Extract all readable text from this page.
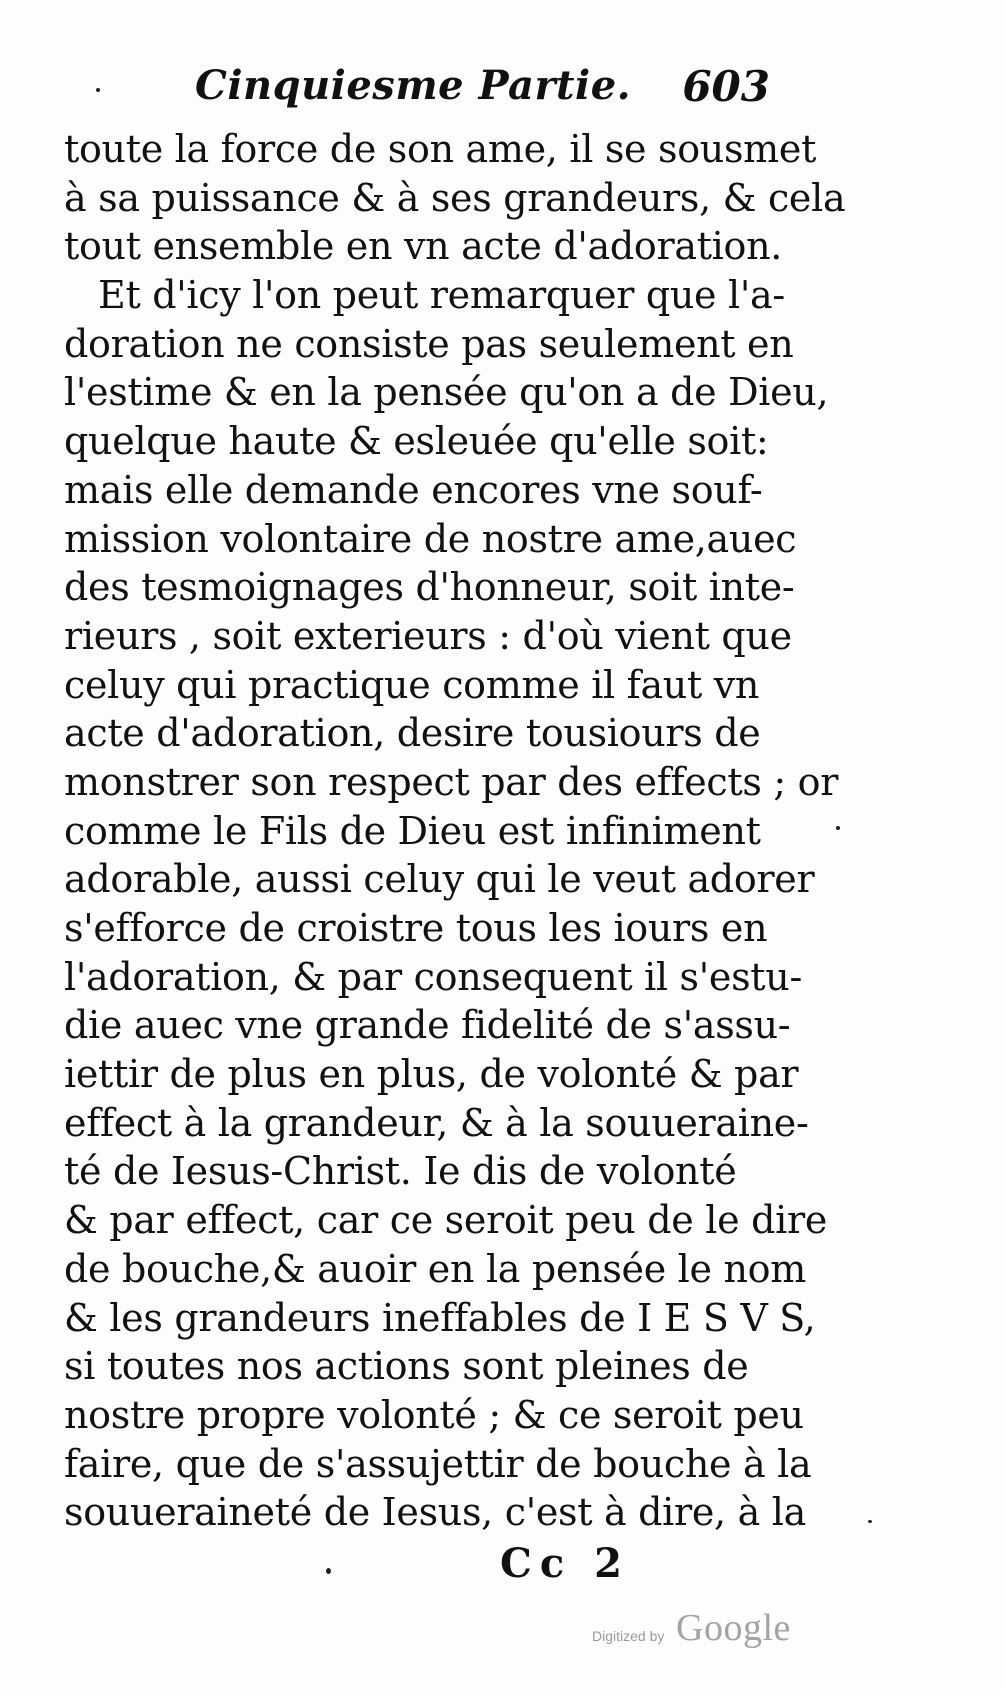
Cinquiesme Partie. 603
toute la force de son ame, il se sousmet
à sa puissance & à ses grandeurs, & cela
tout ensemble en vn acte d'adoration.
Et d'icy l'on peut remarquer que l'a-
doration ne consiste pas seulement en
l'estime & en la pensée qu'on a de Dieu,
quelque haute & esleuée qu'elle soit:
mais elle demande encores vne souf-
mission volontaire de nostre ame,auec
des tesmoignages d'honneur, soit inte-
rieurs , soit exterieurs : d'où vient que
celuy qui practique comme il faut vn
acte d'adoration, desire tousiours de
monstrer son respect par des effects ; or
comme le Fils de Dieu est infiniment
adorable, aussi celuy qui le veut adorer
s'efforce de croistre tous les iours en
l'adoration, & par consequent il s'estu-
die auec vne grande fidelité de s'assu-
iettir de plus en plus, de volonté & par
effect à la grandeur, & à la souueraine-
té de Iesus-Christ. Ie dis de volonté
& par effect, car ce seroit peu de le dire
de bouche,& auoir en la pensée le nom
& les grandeurs ineffables de I E S V S,
si toutes nos actions sont pleines de
nostre propre volonté ; & ce seroit peu
faire, que de s'assujettir de bouche à la
souueraineté de Iesus, c'est à dire, à la
Cc 2
Digitized by Google
